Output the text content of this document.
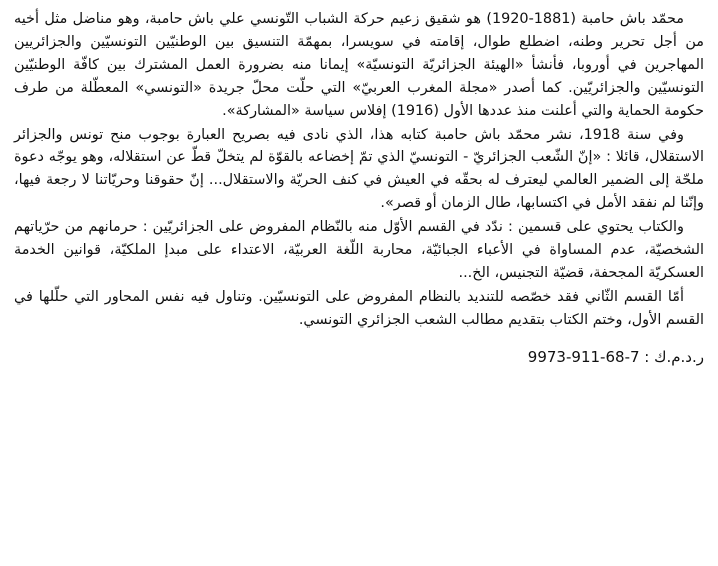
محمّد باش حامبة (1881-1920) هو شقيق زعيم حركة الشباب التّونسي علي باش حامبة، وهو مناضل مثل أخيه من أجل تحرير وطنه، اضطلع طوال، إقامته في سويسرا، بمهمّة التنسيق بين الوطنيّين التونسيّين والجزائريين المهاجرين في أوروبا، فأنشأ «الهيئة الجزائريّة التونسيّة» إيمانا منه بضرورة العمل المشترك بين كافّة الوطنيّين التونسيّين والجزائريّين. كما أصدر «مجلة المغرب العربيّ» التي حلّت محلّ جريدة «التونسي» المعطّلة من طرف حكومة الحماية والتي أعلنت منذ عددها الأول (1916) إفلاس سياسة «المشاركة».

وفي سنة 1918، نشر محمّد باش حامبة كتابه هذا، الذي نادى فيه بصريح العبارة بوجوب منح تونس والجزائر الاستقلال، قائلا : «إنّ الشّعب الجزائريّ - التونسيّ الذي تمّ إخضاعه بالقوّة لم يتخلّ قطّ عن استقلاله، وهو يوجّه دعوة ملحّة إلى الضمير العالمي ليعترف له بحقّه في العيش في كنف الحريّة والاستقلال... إنّ حقوقنا وحريّاتنا لا رجعة فيها، وإنّنا لم نفقد الأمل في اكتسابها، طال الزمان أو قصر».

والكتاب يحتوي على قسمين : ندّد في القسم الأوّل منه بالنّظام المفروض على الجزائريّين : حرمانهم من حرّياتهم الشخصيّة، عدم المساواة في الأعباء الجبائيّة، محاربة اللّغة العربيّة، الاعتداء على مبدإ الملكيّة، قوانين الخدمة العسكريّة المجحفة، قضيّة التجنيس، الخ...

أمّا القسم الثّاني فقد خصّصه للتنديد بالنظام المفروض على التونسيّين. وتناول فيه نفس المحاور التي حلّلها في القسم الأول، وختم الكتاب بتقديم مطالب الشعب الجزائري التونسي.

ر.د.م.ك : 7-68-911-9973
